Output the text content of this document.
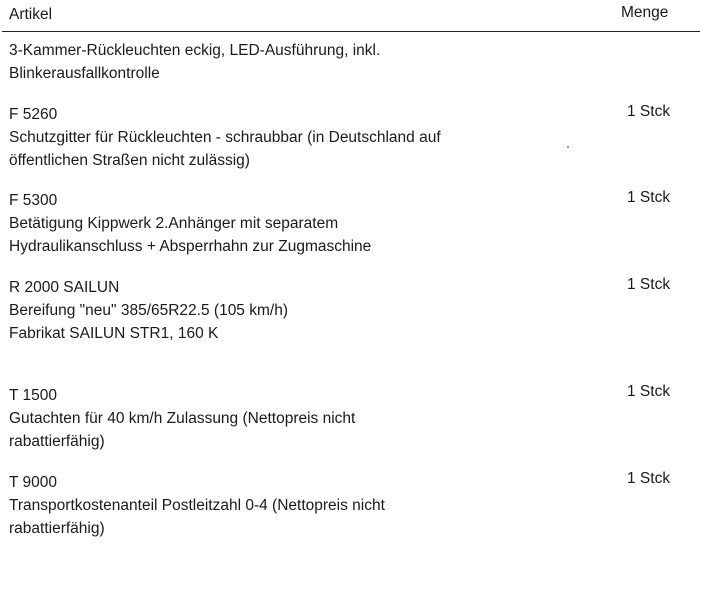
Artikel	Menge
3-Kammer-Rückleuchten eckig, LED-Ausführung, inkl.
Blinkerausfallkontrolle
F 5260
Schutzgitter für Rückleuchten - schraubbar (in Deutschland auf
öffentlichen Straßen nicht zulässig)
1 Stck
F 5300
Betätigung Kippwerk 2.Anhänger mit separatem
Hydraulikanschluss + Absperrhahn zur Zugmaschine
1 Stck
R 2000 SAILUN
Bereifung "neu" 385/65R22.5 (105 km/h)
Fabrikat SAILUN STR1, 160 K
1 Stck
T 1500
Gutachten für 40 km/h Zulassung (Nettopreis nicht
rabattierfähig)
1 Stck
T 9000
Transportkostenanteil Postleitzahl 0-4 (Nettopreis nicht
rabattierfähig)
1 Stck
